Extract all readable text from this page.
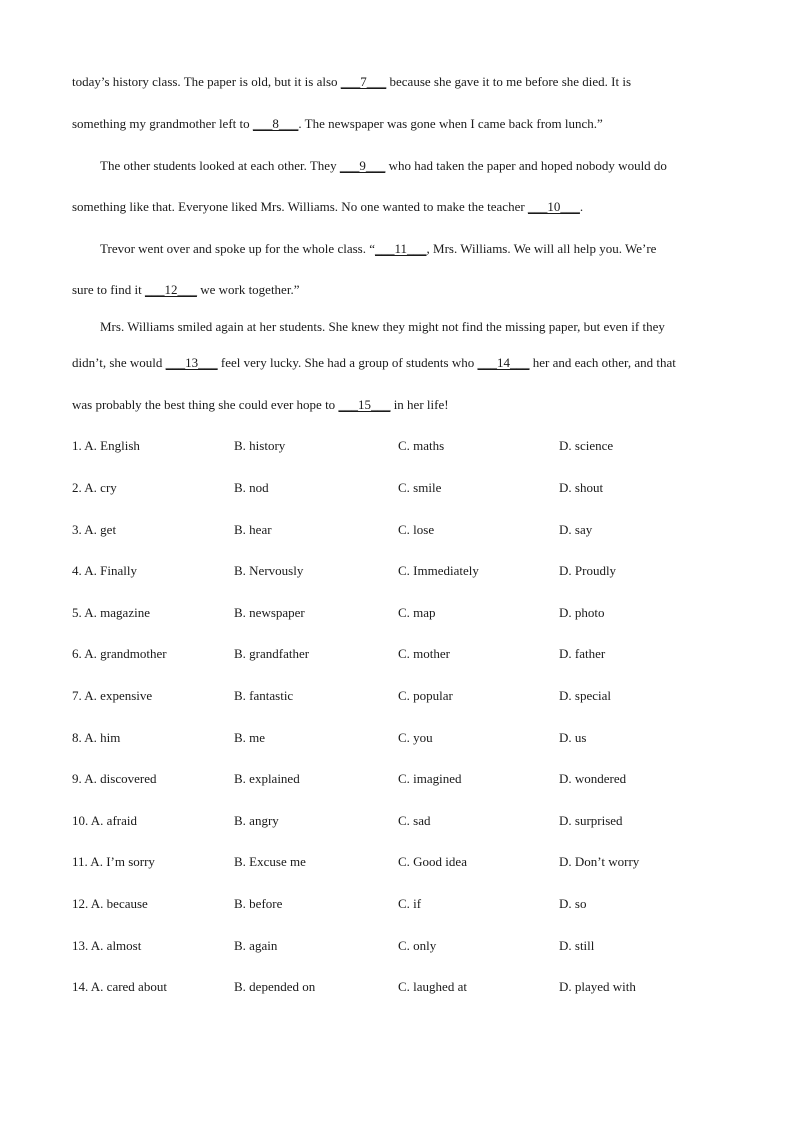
today’s history class. The paper is old, but it is also ___7___ because she gave it to me before she died. It is
something my grandmother left to ___8___. The newspaper was gone when I came back from lunch.”
The other students looked at each other. They ___9___ who had taken the paper and hoped nobody would do
something like that. Everyone liked Mrs. Williams. No one wanted to make the teacher ___10___.
Trevor went over and spoke up for the whole class. “___11___, Mrs. Williams. We will all help you. We’re
sure to find it ___12___ we work together.”
Mrs. Williams smiled again at her students. She knew they might not find the missing paper, but even if they
didn’t, she would ___13___ feel very lucky. She had a group of students who ___14___ her and each other, and that
was probably the best thing she could ever hope to ___15___ in her life!
1. A. English	B. history	C. maths	D. science
2. A. cry	B. nod	C. smile	D. shout
3. A. get	B. hear	C. lose	D. say
4. A. Finally	B. Nervously	C. Immediately	D. Proudly
5. A. magazine	B. newspaper	C. map	D. photo
6. A. grandmother	B. grandfather	C. mother	D. father
7. A. expensive	B. fantastic	C. popular	D. special
8. A. him	B. me	C. you	D. us
9. A. discovered	B. explained	C. imagined	D. wondered
10. A. afraid	B. angry	C. sad	D. surprised
11. A. I’m sorry	B. Excuse me	C. Good idea	D. Don’t worry
12. A. because	B. before	C. if	D. so
13. A. almost	B. again	C. only	D. still
14. A. cared about	B. depended on	C. laughed at	D. played with
